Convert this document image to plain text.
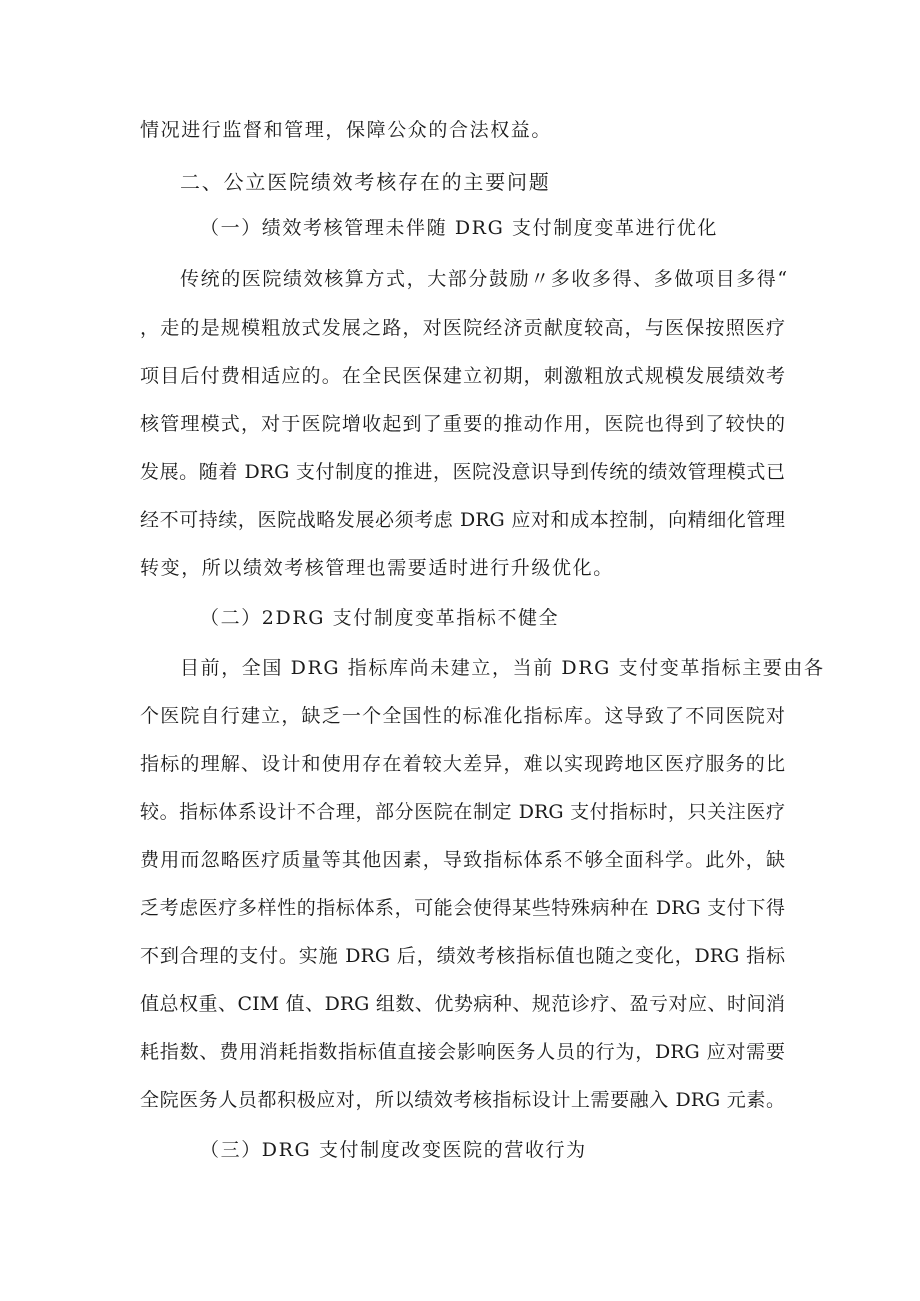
情况进行监督和管理，保障公众的合法权益。
二、公立医院绩效考核存在的主要问题
（一）绩效考核管理未伴随 DRG 支付制度变革进行优化
传统的医院绩效核算方式，大部分鼓励〃多收多得、多做项目多得“
，走的是规模粗放式发展之路，对医院经济贡献度较高，与医保按照医疗
项目后付费相适应的。在全民医保建立初期，刺激粗放式规模发展绩效考
核管理模式，对于医院增收起到了重要的推动作用，医院也得到了较快的
发展。随着 DRG 支付制度的推进，医院没意识导到传统的绩效管理模式已
经不可持续，医院战略发展必须考虑 DRG 应对和成本控制，向精细化管理
转变，所以绩效考核管理也需要适时进行升级优化。
（二）2DRG 支付制度变革指标不健全
目前，全国 DRG 指标库尚未建立，当前 DRG 支付变革指标主要由各
个医院自行建立，缺乏一个全国性的标准化指标库。这导致了不同医院对
指标的理解、设计和使用存在着较大差异，难以实现跨地区医疗服务的比
较。指标体系设计不合理，部分医院在制定 DRG 支付指标时，只关注医疗
费用而忽略医疗质量等其他因素，导致指标体系不够全面科学。此外，缺
乏考虑医疗多样性的指标体系，可能会使得某些特殊病种在 DRG 支付下得
不到合理的支付。实施 DRG 后，绩效考核指标值也随之变化，DRG 指标
值总权重、CIM 值、DRG 组数、优势病种、规范诊疗、盈亏对应、时间消
耗指数、费用消耗指数指标值直接会影响医务人员的行为，DRG 应对需要
全院医务人员都积极应对，所以绩效考核指标设计上需要融入 DRG 元素。
（三）DRG 支付制度改变医院的营收行为
